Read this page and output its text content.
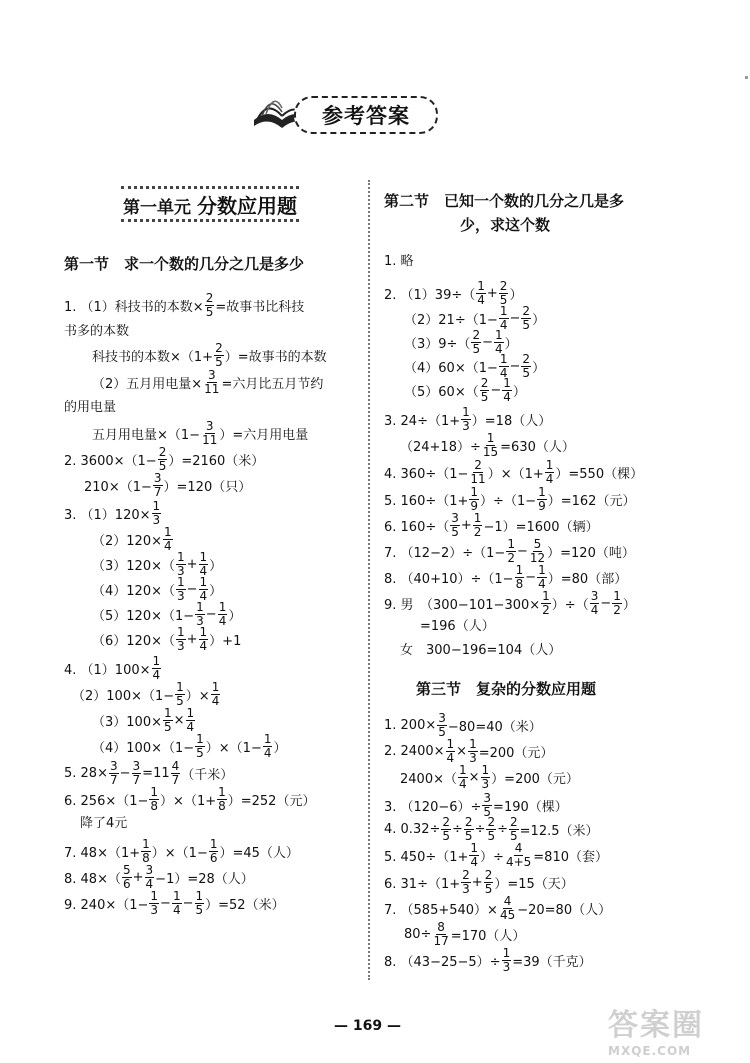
参考答案
第一单元 分数应用题
第一节　求一个数的几分之几是多少
1. （1）科技书的本数× $\frac{2}{5}$ =故事书比科技
书多的本数
科技书的本数$\times(1+ \frac{2}{5}$ ）=故事书的本数
（2）五月用电量× $\frac{3}{11}$ =六月比五月节约
的用电量
五月用电量$\times(1- \frac{3}{11}$ ）=六月用电量
2. $3600\times(1- \frac{2}{5} )=2160$（米）
$210\times(1- \frac{3}{7} )=120$（只）
3. $(1)120\times \frac{1}{3}$
$(2)120\times \frac{1}{4}$
$(3)120\times( \frac{1}{3} + \frac{1}{4}$ ）
$(4)120\times( \frac{1}{3} - \frac{1}{4}$ ）
$(5)120\times(1- \frac{1}{3} - \frac{1}{4}$ ）
$(6)120\times( \frac{1}{3} + \frac{1}{4} )+1$
4. $(1)100\times \frac{1}{4}$
$(2)100\times(1- \frac{1}{5}$ ）× $\frac{1}{4}$
$(3)100\times \frac{1}{5} \times \frac{1}{4}$
$(4)100\times(1- \frac{1}{5} )\times(1- \frac{1}{4}$ ）
5. $28\times \frac{3}{7} - \frac{3}{7} =11 \frac{4}{7}$ （千米）
6. $256\times(1- \frac{1}{8} )\times(1+ \frac{1}{8} )=252$（元）
降了4元
7. $48\times(1+ \frac{1}{8} )\times(1- \frac{1}{6} )=45$（人）
8. $48\times( \frac{5}{6} + \frac{3}{4} -1)=28$（人）
9. $240\times(1- \frac{1}{3} - \frac{1}{4} - \frac{1}{5} )=52$（米）
第二节　已知一个数的几分之几是多
少，求这个数
1. 略
2. $(1)39\div( \frac{1}{4} + \frac{2}{5}$ ）
$(2)21\div(1- \frac{1}{4} - \frac{2}{5}$ ）
$(3)9\div( \frac{2}{5} - \frac{1}{4}$ ）
$(4)60\times(1- \frac{1}{4} - \frac{2}{5}$ ）
$(5)60\times( \frac{2}{5} - \frac{1}{4}$ ）
3. $24\div(1+ \frac{1}{3} )=18$（人）
$(24+18)\div \frac{1}{15} =630$（人）
4. $360\div(1- \frac{2}{11} )\times(1+ \frac{1}{4} )=550$（棵）
5. $160\div(1+ \frac{1}{9} )\div(1- \frac{1}{9} )=162$（元）
6. $160\div( \frac{3}{5} + \frac{1}{2} -1)=1600$（辆）
7. $(12-2)\div(1- \frac{1}{2} - \frac{5}{12} )=120$（吨）
8. $(40+10)\div(1- \frac{1}{8} - \frac{1}{4} )=80$（部）
9. 男　（$300-101-300\times \frac{1}{2}$ ）÷（ $\frac{3}{4} - \frac{1}{2}$ ）
=196（人）
女　300−196=104（人）
第三节　复杂的分数应用题
1. $200\times \frac{3}{5} -80=40$（米）
2. $2400\times \frac{1}{4} \times \frac{1}{3} =200$（元）
$2400\times( \frac{1}{4} \times \frac{1}{3} )=200$（元）
3. $(120-6)\div \frac{3}{5} =190$（棵）
4. $0.32\div \frac{2}{5} \div \frac{2}{5} \div \frac{2}{5} \div \frac{2}{5} =12.5$（米）
5. $450\div(1+ \frac{1}{4}$ ）÷ $\frac{4}{4+5} =810$（套）
6. $31\div(1+ \frac{2}{3} + \frac{2}{5} )=15$（天）
7. $(585+540)\times \frac{4}{45} -20=80$（人）
$80\div \frac{8}{17} =170$（人）
8. $(43-25-5)\div \frac{1}{3} =39$（千克）
— 169 —	答案圈
MXQE.COM
